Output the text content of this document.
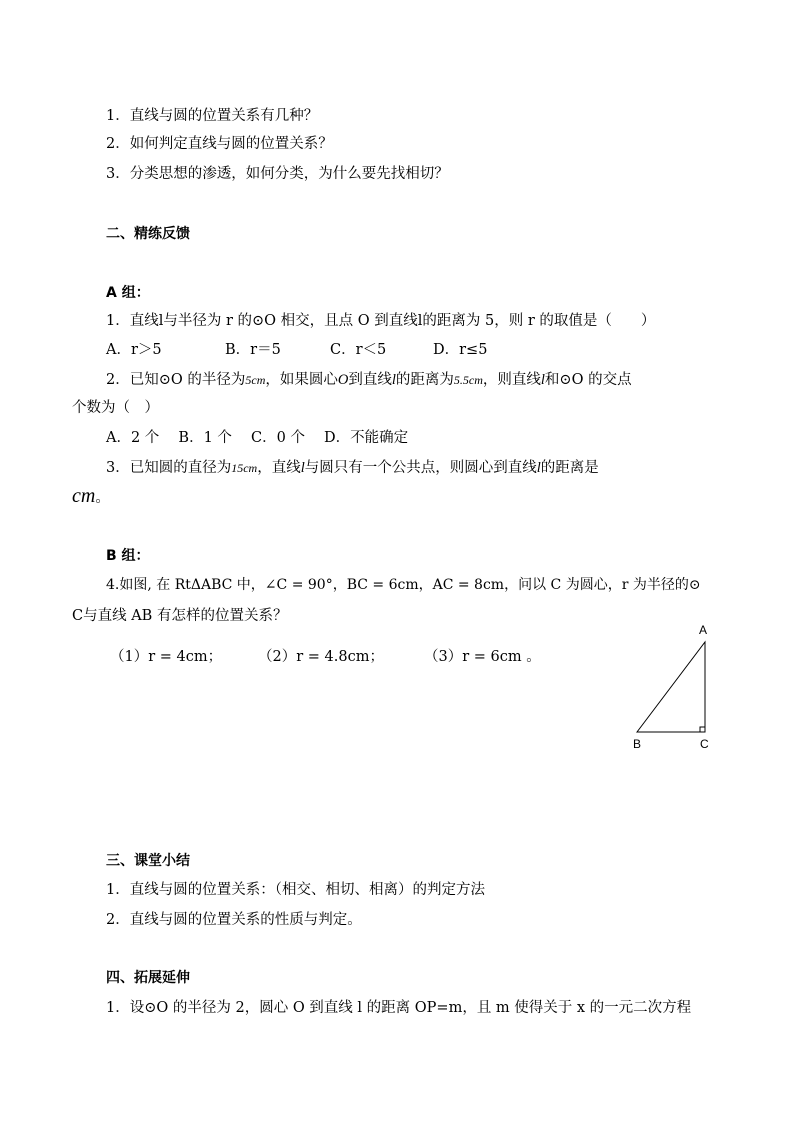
1．直线与圆的位置关系有几种？
2．如何判定直线与圆的位置关系？
3．分类思想的渗透，如何分类，为什么要先找相切？
二、精练反馈
A 组：
1．直线l与半径为 r 的⊙O 相交，且点 O 到直线l的距离为 5，则 r 的取值是（　　）
A．r＞5	B．r＝5	C．r＜5	D．r≤5
2．已知⊙O 的半径为5cm，如果圆心O到直线l的距离为5.5cm，则直线l和⊙O 的交点
个数为（　）
A．2 个　 B．1 个　 C．0 个　 D．不能确定
3．已知圆的直径为15cm，直线l与圆只有一个公共点，则圆心到直线l的距离是
cm。
B 组：
4.如图, 在 RtΔABC 中，∠C = 90°，BC = 6cm，AC = 8cm，问以 C 为圆心，r 为半径的⊙
C与直线 AB 有怎样的位置关系？
（1）r = 4cm； （2）r = 4.8cm；	（3）r = 6cm 。
A
B	C
三、课堂小结
1．直线与圆的位置关系：（相交、相切、相离）的判定方法
2．直线与圆的位置关系的性质与判定。
四、拓展延伸
1．设⊙O 的半径为 2，圆心 O 到直线 l 的距离 OP=m，且 m 使得关于 x 的一元二次方程
